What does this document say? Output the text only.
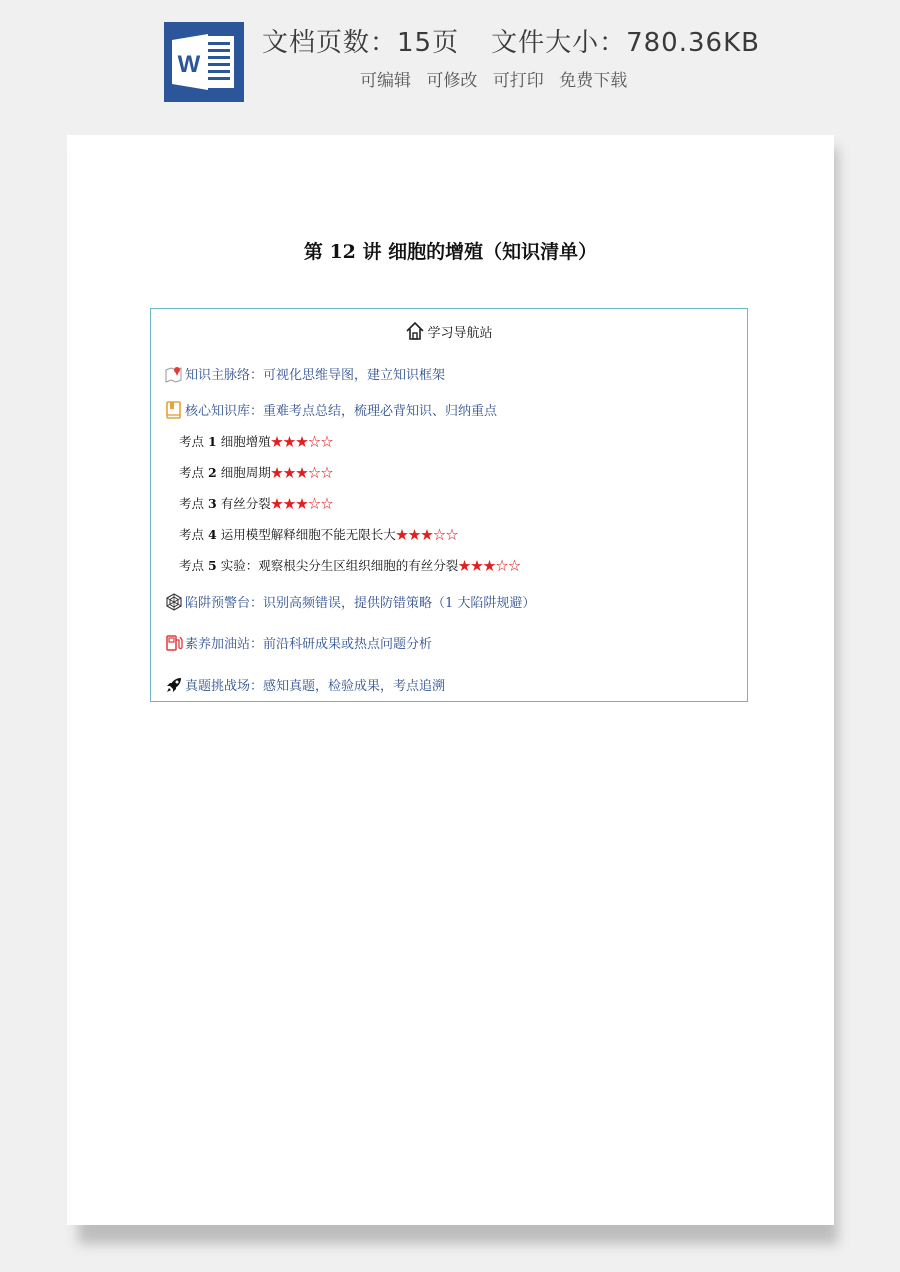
W
文档页数：15页 文件大小：780.36KB
可编辑 可修改 可打印 免费下载
第 12 讲 细胞的增殖（知识清单）
学习导航站
知识主脉络：可视化思维导图，建立知识框架
核心知识库：重难考点总结，梳理必背知识、归纳重点
考点 1 细胞增殖★★★☆☆
考点 2 细胞周期★★★☆☆
考点 3 有丝分裂★★★☆☆
考点 4 运用模型解释细胞不能无限长大★★★☆☆
考点 5 实验：观察根尖分生区组织细胞的有丝分裂★★★☆☆
陷阱预警台：识别高频错误，提供防错策略（1 大陷阱规避）
素养加油站：前沿科研成果或热点问题分析
真题挑战场：感知真题，检验成果，考点追溯
